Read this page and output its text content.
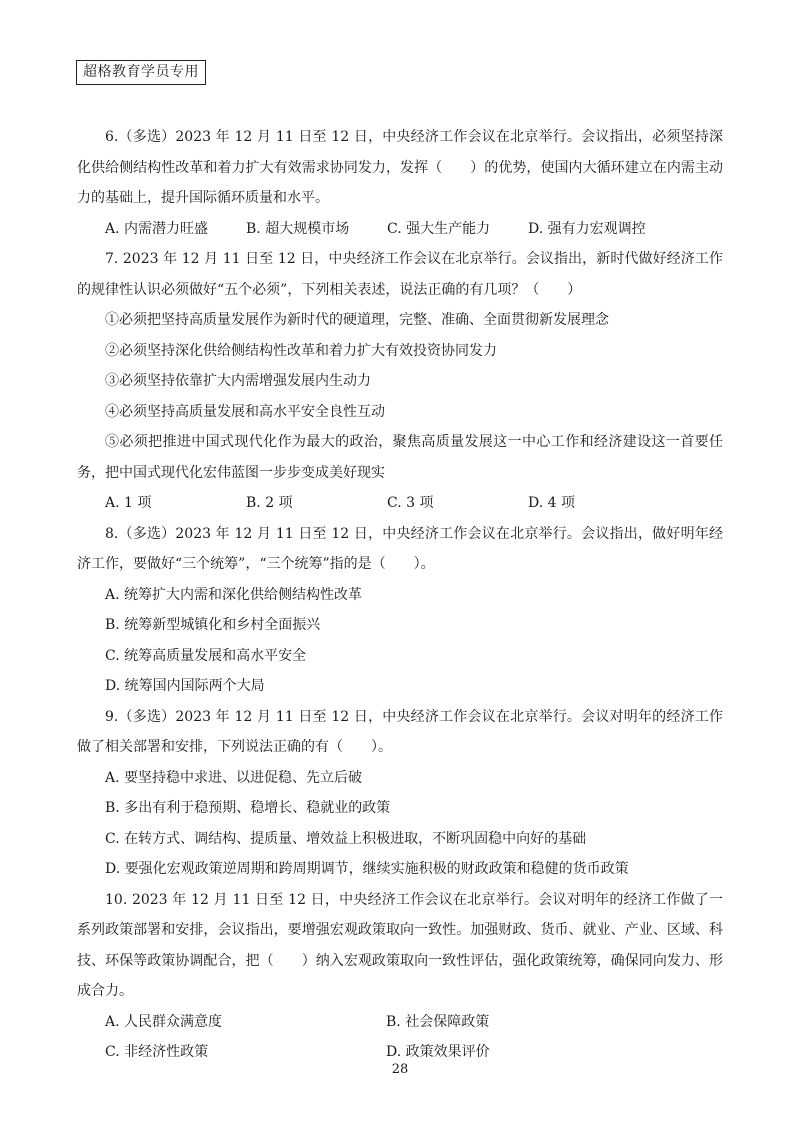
超格教育学员专用

6.（多选）2023 年 12 月 11 日至 12 日，中央经济工作会议在北京举行。会议指出，必须坚持深化供给侧结构性改革和着力扩大有效需求协同发力，发挥（　　）的优势，使国内大循环建立在内需主动力的基础上，提升国际循环质量和水平。

A. 内需潜力旺盛	B. 超大规模市场	C. 强大生产能力	D. 强有力宏观调控

7. 2023 年 12 月 11 日至 12 日，中央经济工作会议在北京举行。会议指出，新时代做好经济工作的规律性认识必须做好“五个必须”，下列相关表述，说法正确的有几项？（　　）

①必须把坚持高质量发展作为新时代的硬道理，完整、准确、全面贯彻新发展理念

②必须坚持深化供给侧结构性改革和着力扩大有效投资协同发力

③必须坚持依靠扩大内需增强发展内生动力

④必须坚持高质量发展和高水平安全良性互动

⑤必须把推进中国式现代化作为最大的政治，聚焦高质量发展这一中心工作和经济建设这一首要任务，把中国式现代化宏伟蓝图一步步变成美好现实

A. 1 项	B. 2 项	C. 3 项	D. 4 项

8.（多选）2023 年 12 月 11 日至 12 日，中央经济工作会议在北京举行。会议指出，做好明年经济工作，要做好“三个统筹”，“三个统筹”指的是（　　）。

A. 统筹扩大内需和深化供给侧结构性改革

B. 统筹新型城镇化和乡村全面振兴

C. 统筹高质量发展和高水平安全

D. 统筹国内国际两个大局

9.（多选）2023 年 12 月 11 日至 12 日，中央经济工作会议在北京举行。会议对明年的经济工作做了相关部署和安排，下列说法正确的有（　　）。

A. 要坚持稳中求进、以进促稳、先立后破

B. 多出有利于稳预期、稳增长、稳就业的政策

C. 在转方式、调结构、提质量、增效益上积极进取，不断巩固稳中向好的基础

D. 要强化宏观政策逆周期和跨周期调节，继续实施积极的财政政策和稳健的货币政策

10. 2023 年 12 月 11 日至 12 日，中央经济工作会议在北京举行。会议对明年的经济工作做了一系列政策部署和安排，会议指出，要增强宏观政策取向一致性。加强财政、货币、就业、产业、区域、科技、环保等政策协调配合，把（　　）纳入宏观政策取向一致性评估，强化政策统筹，确保同向发力、形成合力。

A. 人民群众满意度	B. 社会保障政策
C. 非经济性政策	D. 政策效果评价
28
